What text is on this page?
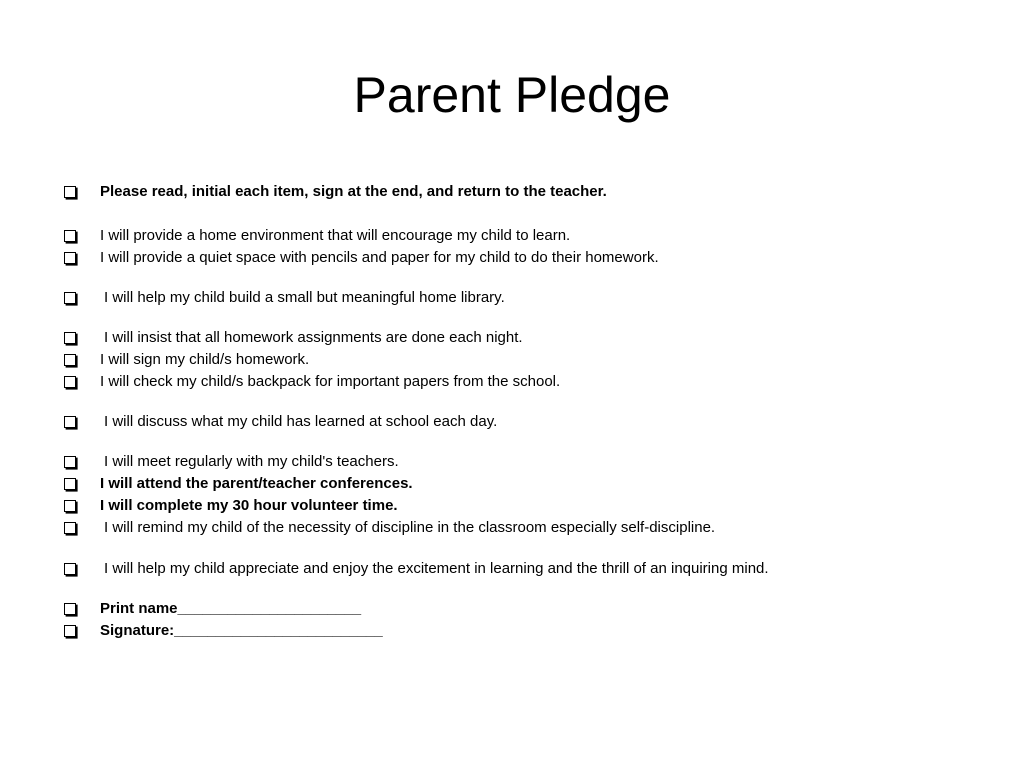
Parent Pledge
Please read, initial each item, sign at the end, and return to the teacher.
I will provide a home environment that will encourage my child to learn.
I will provide a quiet space with pencils and paper for my child to do their homework.
I will help my child build a small but meaningful home library.
I will insist that all homework assignments are done each night.
I will sign my child/s homework.
I will check my child/s backpack for important papers from the school.
I will discuss what my child has learned at school each day.
I will meet regularly with my child's teachers.
I will attend the parent/teacher conferences.
I will complete my 30 hour volunteer time.
I will remind my child of the necessity of discipline in the classroom especially self-discipline.
I will help my child appreciate and enjoy the excitement in learning and the thrill of an inquiring mind.
Print name______________________
Signature:_________________________
